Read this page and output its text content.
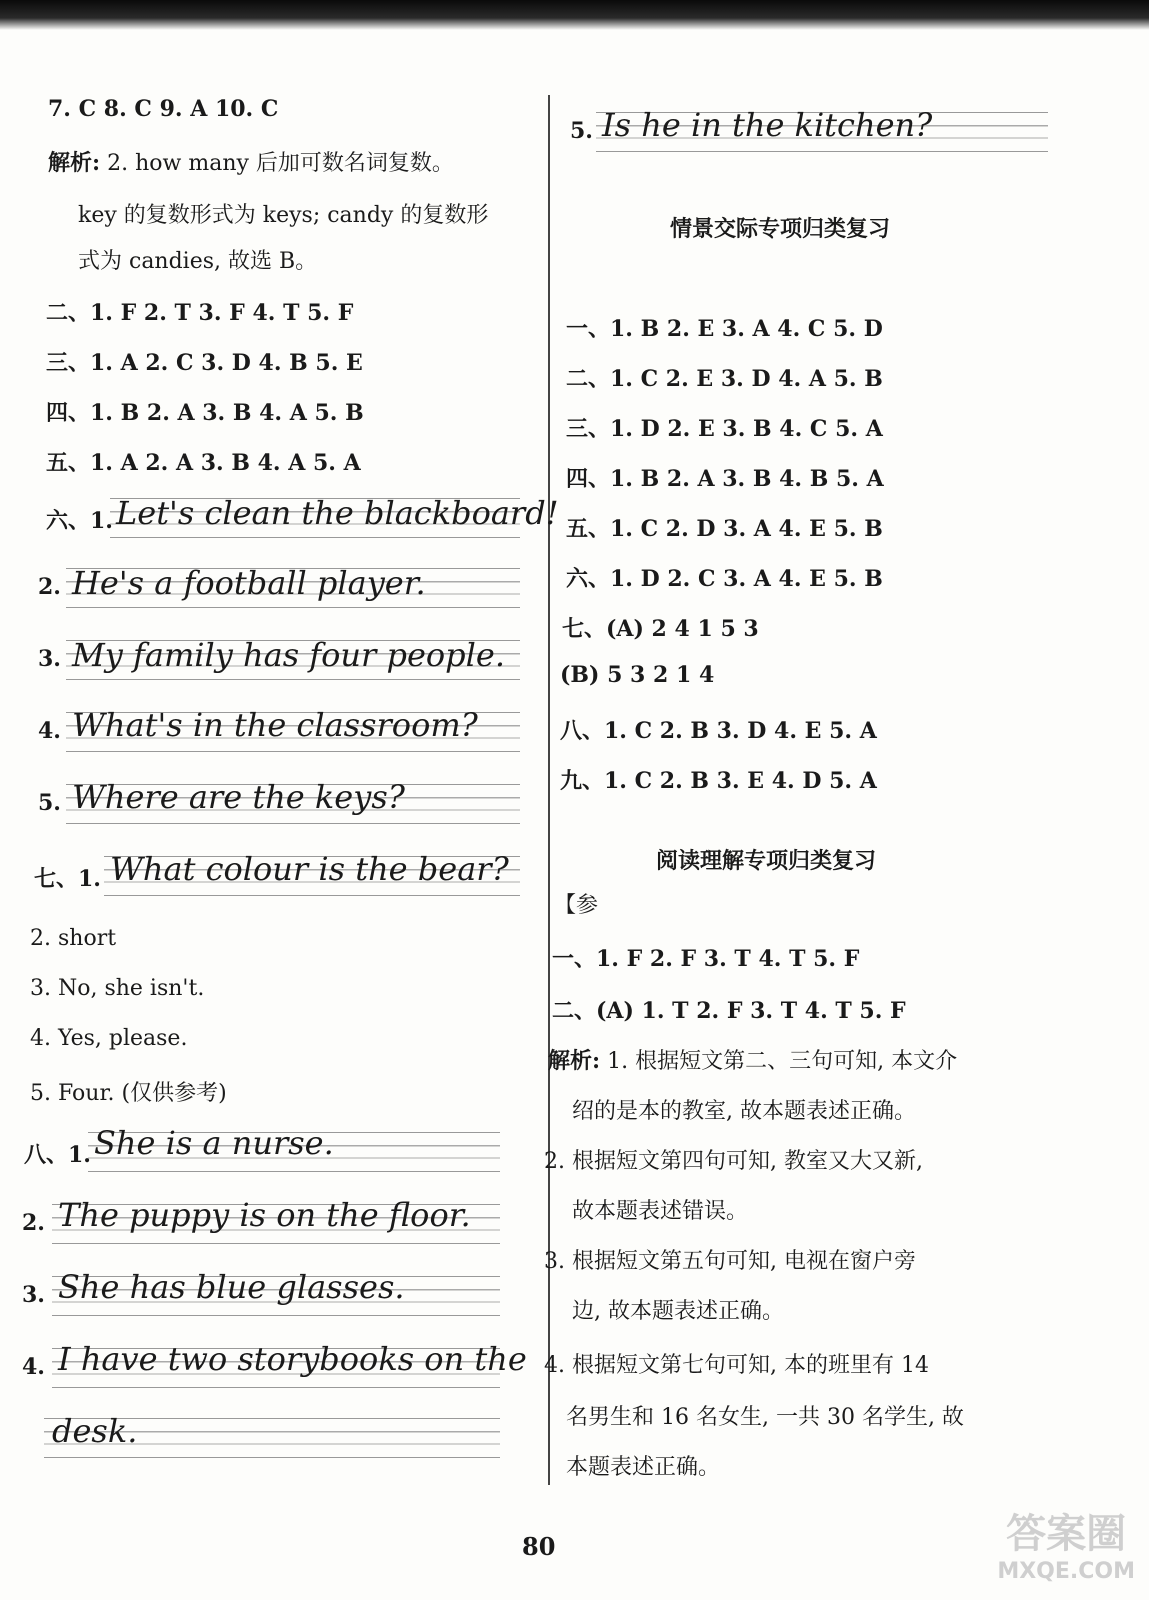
7. C 8. C 9. A 10. C
解析: 2. how many 后加可数名词复数。
key 的复数形式为 keys; candy 的复数形
式为 candies, 故选 B。
二、1. F 2. T 3. F 4. T 5. F
三、1. A 2. C 3. D 4. B 5. E
四、1. B 2. A 3. B 4. A 5. B
五、1. A 2. A 3. B 4. A 5. A
六、1. Let's clean the blackboard!
2. He's a football player.
3. My family has four people.
4. What's in the classroom?
5. Where are the keys?
七、1. What colour is the bear?
2. short
3. No, she isn't.
4. Yes, please.
5. Four. (仅供参考)
八、1. She is a nurse.
2. The puppy is on the floor.
3. She has blue glasses.
4. I have two storybooks on the
desk.
5. Is he in the kitchen?
情景交际专项归类复习
一、1. B 2. E 3. A 4. C 5. D
二、1. C 2. E 3. D 4. A 5. B
三、1. D 2. E 3. B 4. C 5. A
四、1. B 2. A 3. B 4. B 5. A
五、1. C 2. D 3. A 4. E 5. B
六、1. D 2. C 3. A 4. E 5. B
七、(A) 2 4 1 5 3
(B) 5 3 2 1 4
八、1. C 2. B 3. D 4. E 5. A
九、1. C 2. B 3. E 4. D 5. A
阅读理解专项归类复习
【参
一、1. F 2. F 3. T 4. T 5. F
二、(A) 1. T 2. F 3. T 4. T 5. F
解析: 1. 根据短文第二、三句可知, 本文介
绍的是本的教室, 故本题表述正确。
2. 根据短文第四句可知, 教室又大又新,
故本题表述错误。
3. 根据短文第五句可知, 电视在窗户旁
边, 故本题表述正确。
4. 根据短文第七句可知, 本的班里有 14
名男生和 16 名女生, 一共 30 名学生, 故
本题表述正确。
80	答案圈
MXQE.COM
